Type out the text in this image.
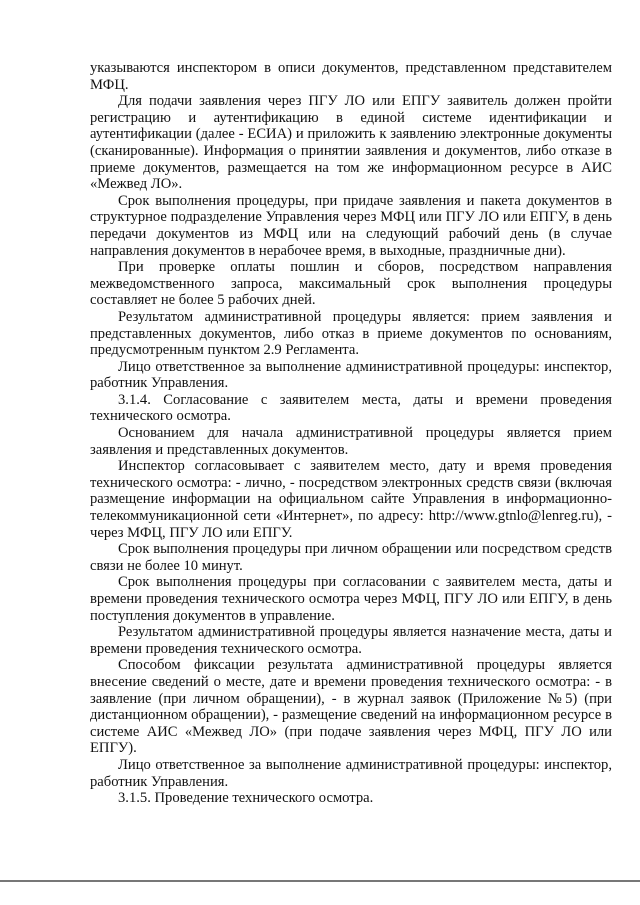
указываются инспектором в описи документов, представленном представителем МФЦ.

Для подачи заявления через ПГУ ЛО или ЕПГУ заявитель должен пройти регистрацию и аутентификацию в единой системе идентификации и аутентификации (далее - ЕСИА) и приложить к заявлению электронные документы (сканированные). Информация о принятии заявления и документов, либо отказе в приеме документов, размещается на том же информационном ресурсе в АИС «Межвед ЛО».

Срок выполнения процедуры, при придаче заявления и пакета документов в структурное подразделение Управления через МФЦ или ПГУ ЛО или ЕПГУ, в день передачи документов из МФЦ или на следующий рабочий день (в случае направления документов в нерабочее время, в выходные, праздничные дни).

При проверке оплаты пошлин и сборов, посредством направления межведомственного запроса, максимальный срок выполнения процедуры составляет не более 5 рабочих дней.

Результатом административной процедуры является: прием заявления и представленных документов, либо отказ в приеме документов по основаниям, предусмотренным пунктом 2.9 Регламента.

Лицо ответственное за выполнение административной процедуры: инспектор, работник Управления.

3.1.4. Согласование с заявителем места, даты и времени проведения технического осмотра.

Основанием для начала административной процедуры является прием заявления и представленных документов.

Инспектор согласовывает с заявителем место, дату и время проведения технического осмотра: - лично, - посредством электронных средств связи (включая размещение информации на официальном сайте Управления в информационно-телекоммуникационной сети «Интернет», по адресу: http://www.gtnlo@lenreg.ru), - через МФЦ, ПГУ ЛО или ЕПГУ.

Срок выполнения процедуры при личном обращении или посредством средств связи не более 10 минут.

Срок выполнения процедуры при согласовании с заявителем места, даты и времени проведения технического осмотра через МФЦ, ПГУ ЛО или ЕПГУ, в день поступления документов в управление.

Результатом административной процедуры является назначение места, даты и времени проведения технического осмотра.

Способом фиксации результата административной процедуры является внесение сведений о месте, дате и времени проведения технического осмотра: - в заявление (при личном обращении), - в журнал заявок (Приложение №5) (при дистанционном обращении), - размещение сведений на информационном ресурсе в системе АИС «Межвед ЛО» (при подаче заявления через МФЦ, ПГУ ЛО или ЕПГУ).

Лицо ответственное за выполнение административной процедуры: инспектор, работник Управления.

3.1.5. Проведение технического осмотра.
